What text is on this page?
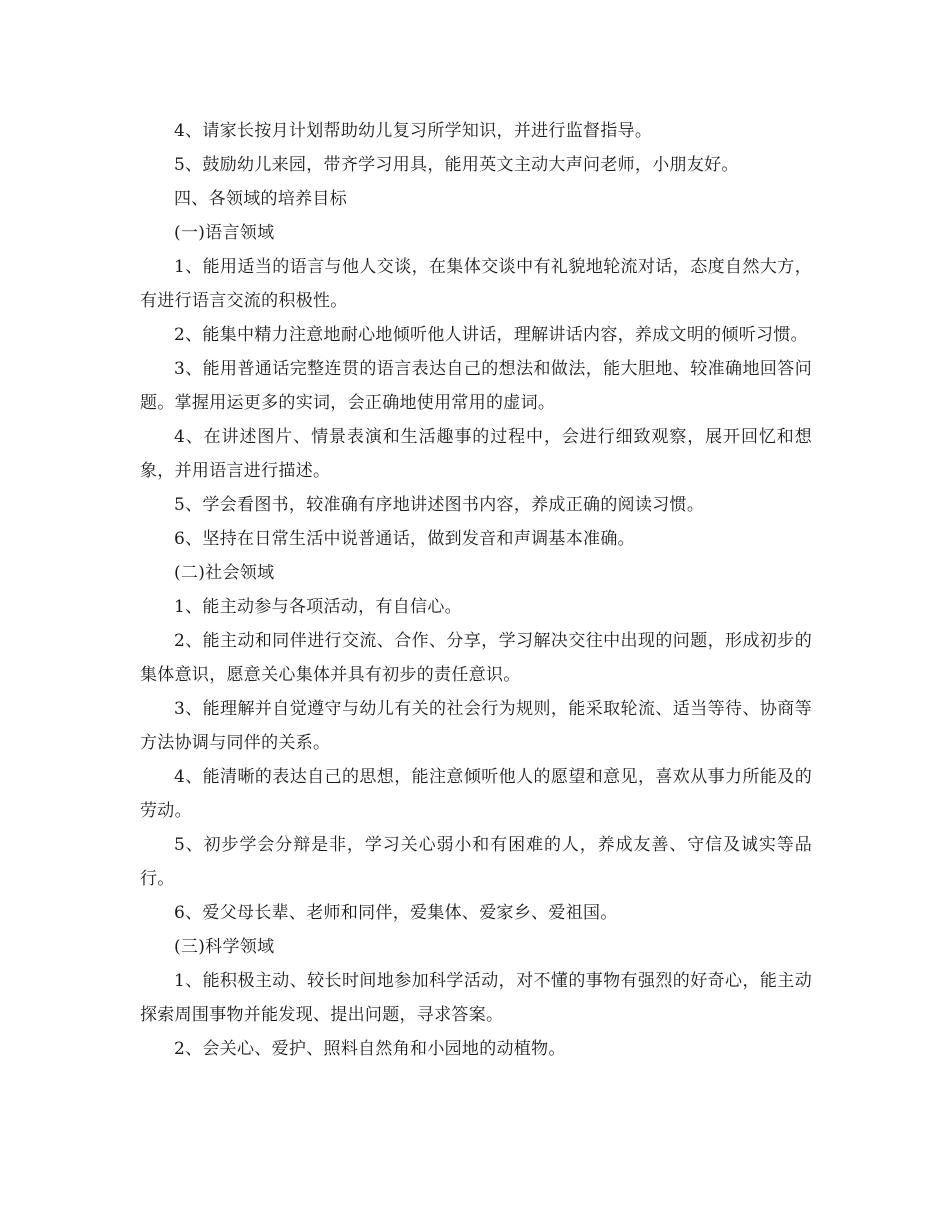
4、请家长按月计划帮助幼儿复习所学知识，并进行监督指导。

5、鼓励幼儿来园，带齐学习用具，能用英文主动大声问老师，小朋友好。

四、各领域的培养目标

(一)语言领域

1、能用适当的语言与他人交谈，在集体交谈中有礼貌地轮流对话，态度自然大方，有进行语言交流的积极性。

2、能集中精力注意地耐心地倾听他人讲话，理解讲话内容，养成文明的倾听习惯。

3、能用普通话完整连贯的语言表达自己的想法和做法，能大胆地、较准确地回答问题。掌握用运更多的实词，会正确地使用常用的虚词。

4、在讲述图片、情景表演和生活趣事的过程中，会进行细致观察，展开回忆和想象，并用语言进行描述。

5、学会看图书，较准确有序地讲述图书内容，养成正确的阅读习惯。

6、坚持在日常生活中说普通话，做到发音和声调基本准确。

(二)社会领域

1、能主动参与各项活动，有自信心。

2、能主动和同伴进行交流、合作、分享，学习解决交往中出现的问题，形成初步的集体意识，愿意关心集体并具有初步的责任意识。

3、能理解并自觉遵守与幼儿有关的社会行为规则，能采取轮流、适当等待、协商等方法协调与同伴的关系。

4、能清晰的表达自己的思想，能注意倾听他人的愿望和意见，喜欢从事力所能及的劳动。

5、初步学会分辩是非，学习关心弱小和有困难的人，养成友善、守信及诚实等品行。

6、爱父母长辈、老师和同伴，爱集体、爱家乡、爱祖国。

(三)科学领域

1、能积极主动、较长时间地参加科学活动，对不懂的事物有强烈的好奇心，能主动探索周围事物并能发现、提出问题，寻求答案。

2、会关心、爱护、照料自然角和小园地的动植物。
